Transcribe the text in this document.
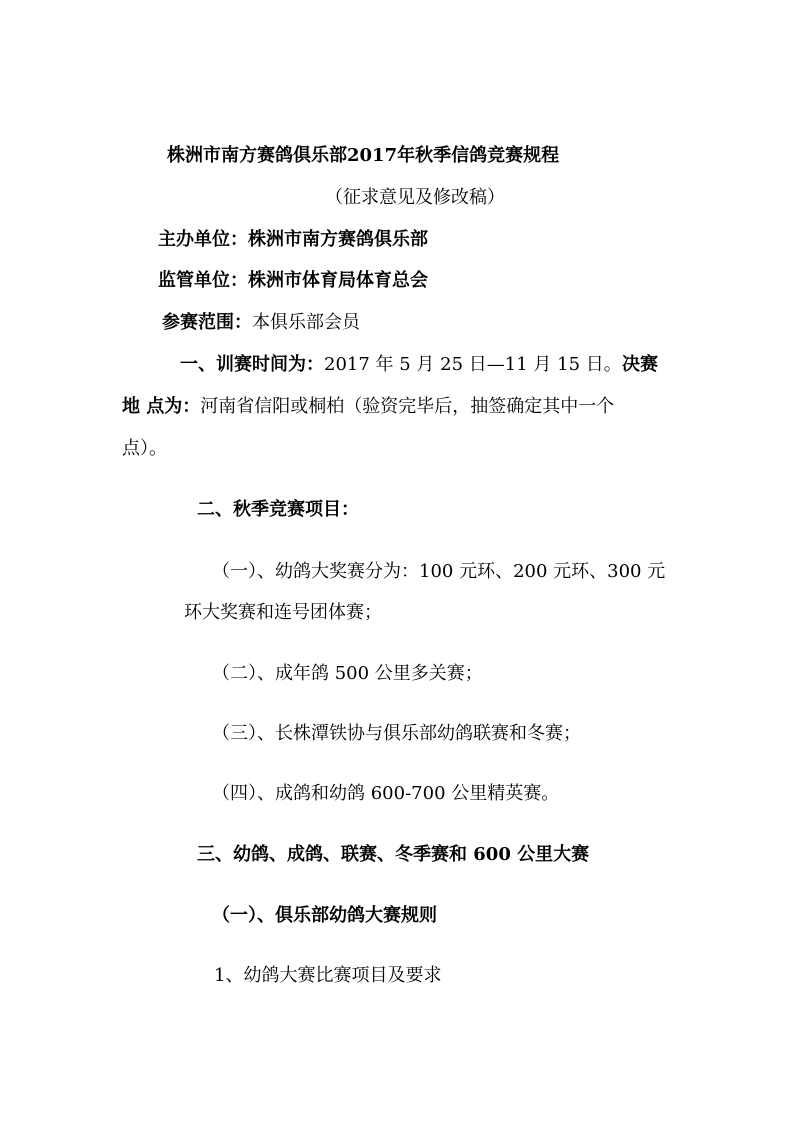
株洲市南方赛鸽俱乐部2017年秋季信鸽竞赛规程
（征求意见及修改稿）
主办单位：株洲市南方赛鸽俱乐部
监管单位：株洲市体育局体育总会
参赛范围：本俱乐部会员
一、训赛时间为：2017 年 5 月 25 日—11 月 15 日。 决赛
地 点为：河南省信阳或桐柏（验资完毕后，抽签确定其中一个
点）。
二、秋季竞赛项目：
（一）、幼鸽大奖赛分为：100 元环、200 元环、300 元
环大奖赛和连号团体赛；
（二）、成年鸽 500 公里多关赛；
（三）、长株潭铁协与俱乐部幼鸽联赛和冬赛；
（四）、成鸽和幼鸽 600-700 公里精英赛。
三、幼鸽、成鸽、联赛、冬季赛和 600 公里大赛
（一）、俱乐部幼鸽大赛规则
1、幼鸽大赛比赛项目及要求
